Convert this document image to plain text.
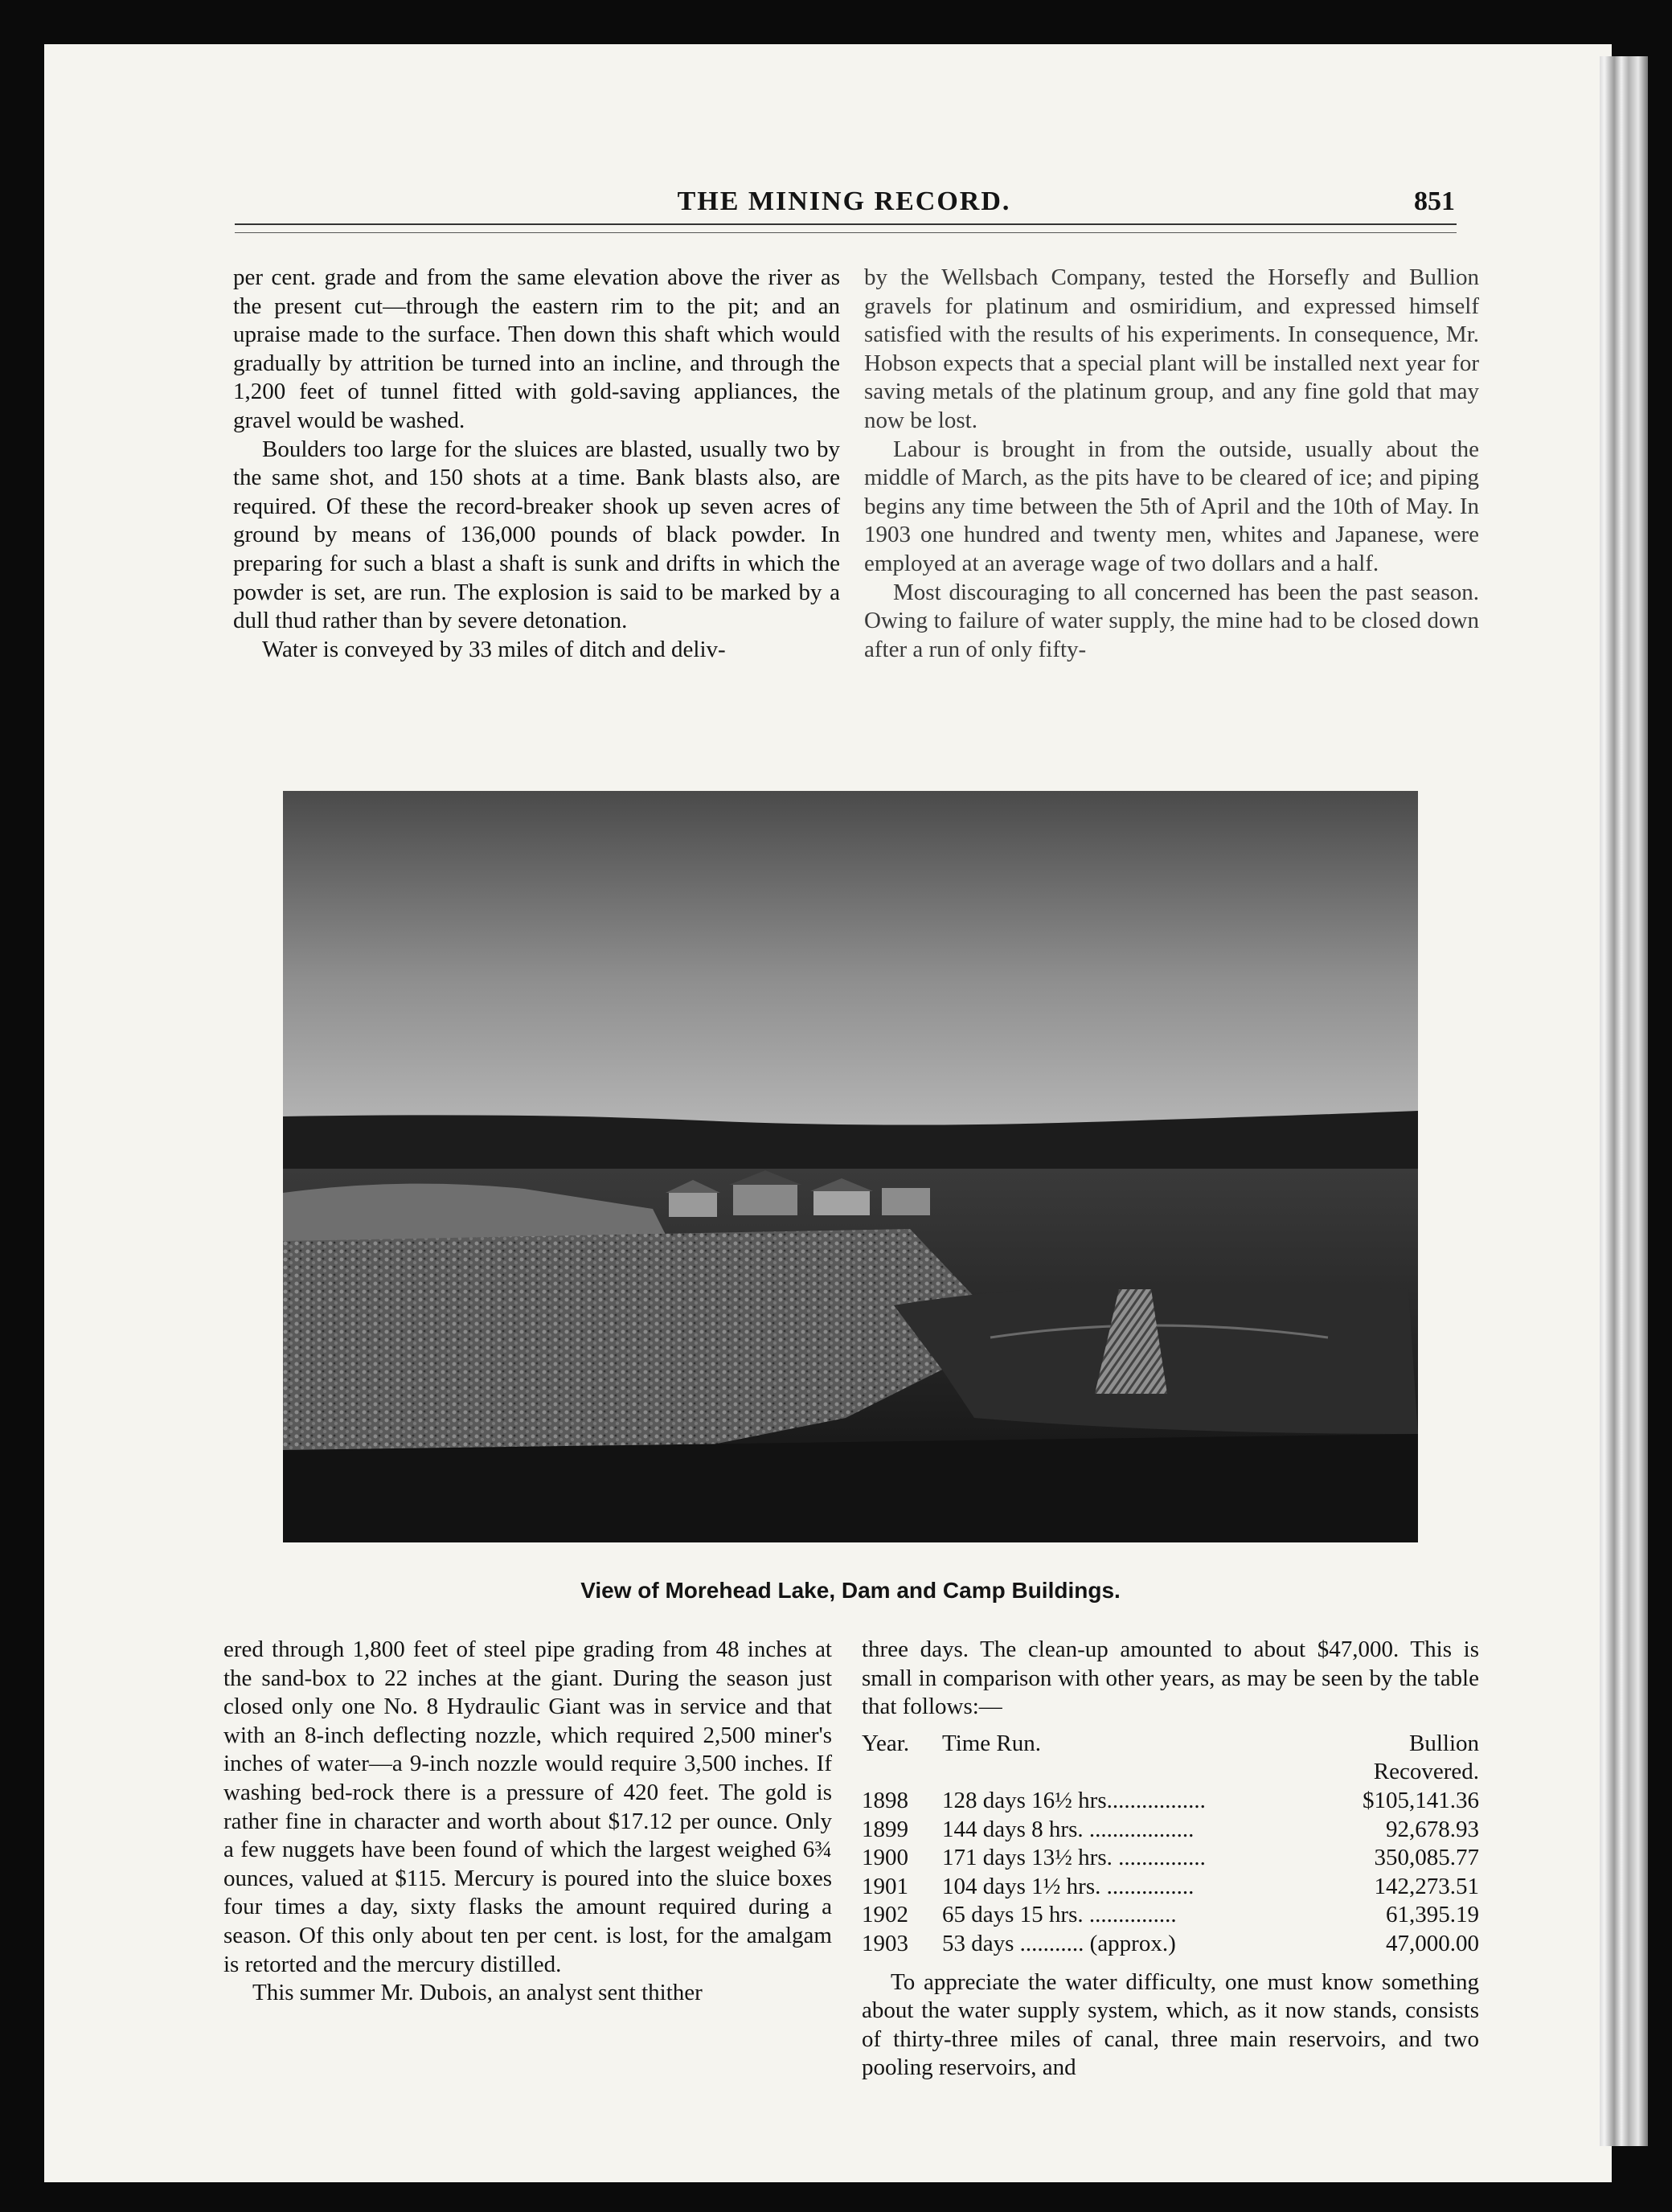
THE MINING RECORD.	851

per cent. grade and from the same elevation above the river as the present cut—through the eastern rim to the pit; and an upraise made to the surface. Then down this shaft which would gradually by attrition be turned into an incline, and through the 1,200 feet of tunnel fitted with gold-saving appliances, the gravel would be washed.

Boulders too large for the sluices are blasted, usually two by the same shot, and 150 shots at a time. Bank blasts also, are required. Of these the record-breaker shook up seven acres of ground by means of 136,000 pounds of black powder. In preparing for such a blast a shaft is sunk and drifts in which the powder is set, are run. The explosion is said to be marked by a dull thud rather than by severe detonation.

Water is conveyed by 33 miles of ditch and deliv-

by the Wellsbach Company, tested the Horsefly and Bullion gravels for platinum and osmiridium, and expressed himself satisfied with the results of his experiments. In consequence, Mr. Hobson expects that a special plant will be installed next year for saving metals of the platinum group, and any fine gold that may now be lost.

Labour is brought in from the outside, usually about the middle of March, as the pits have to be cleared of ice; and piping begins any time between the 5th of April and the 10th of May. In 1903 one hundred and twenty men, whites and Japanese, were employed at an average wage of two dollars and a half.

Most discouraging to all concerned has been the past season. Owing to failure of water supply, the mine had to be closed down after a run of only fifty-

View of Morehead Lake, Dam and Camp Buildings.

ered through 1,800 feet of steel pipe grading from 48 inches at the sand-box to 22 inches at the giant. During the season just closed only one No. 8 Hydraulic Giant was in service and that with an 8-inch deflecting nozzle, which required 2,500 miner's inches of water—a 9-inch nozzle would require 3,500 inches. If washing bed-rock there is a pressure of 420 feet. The gold is rather fine in character and worth about $17.12 per ounce. Only a few nuggets have been found of which the largest weighed 6¾ ounces, valued at $115. Mercury is poured into the sluice boxes four times a day, sixty flasks the amount required during a season. Of this only about ten per cent. is lost, for the amalgam is retorted and the mercury distilled.

This summer Mr. Dubois, an analyst sent thither

three days. The clean-up amounted to about $47,000. This is small in comparison with other years, as may be seen by the table that follows:—

Year.	Time Run.	Bullion Recovered.
1898	128 days 16½ hrs.................	$105,141.36
1899	144 days 8 hrs. ..................	92,678.93
1900	171 days 13½ hrs. ...............	350,085.77
1901	104 days 1½ hrs. ...............	142,273.51
1902	65 days 15 hrs. ...............	61,395.19
1903	53 days ........... (approx.)	47,000.00

To appreciate the water difficulty, one must know something about the water supply system, which, as it now stands, consists of thirty-three miles of canal, three main reservoirs, and two pooling reservoirs, and
